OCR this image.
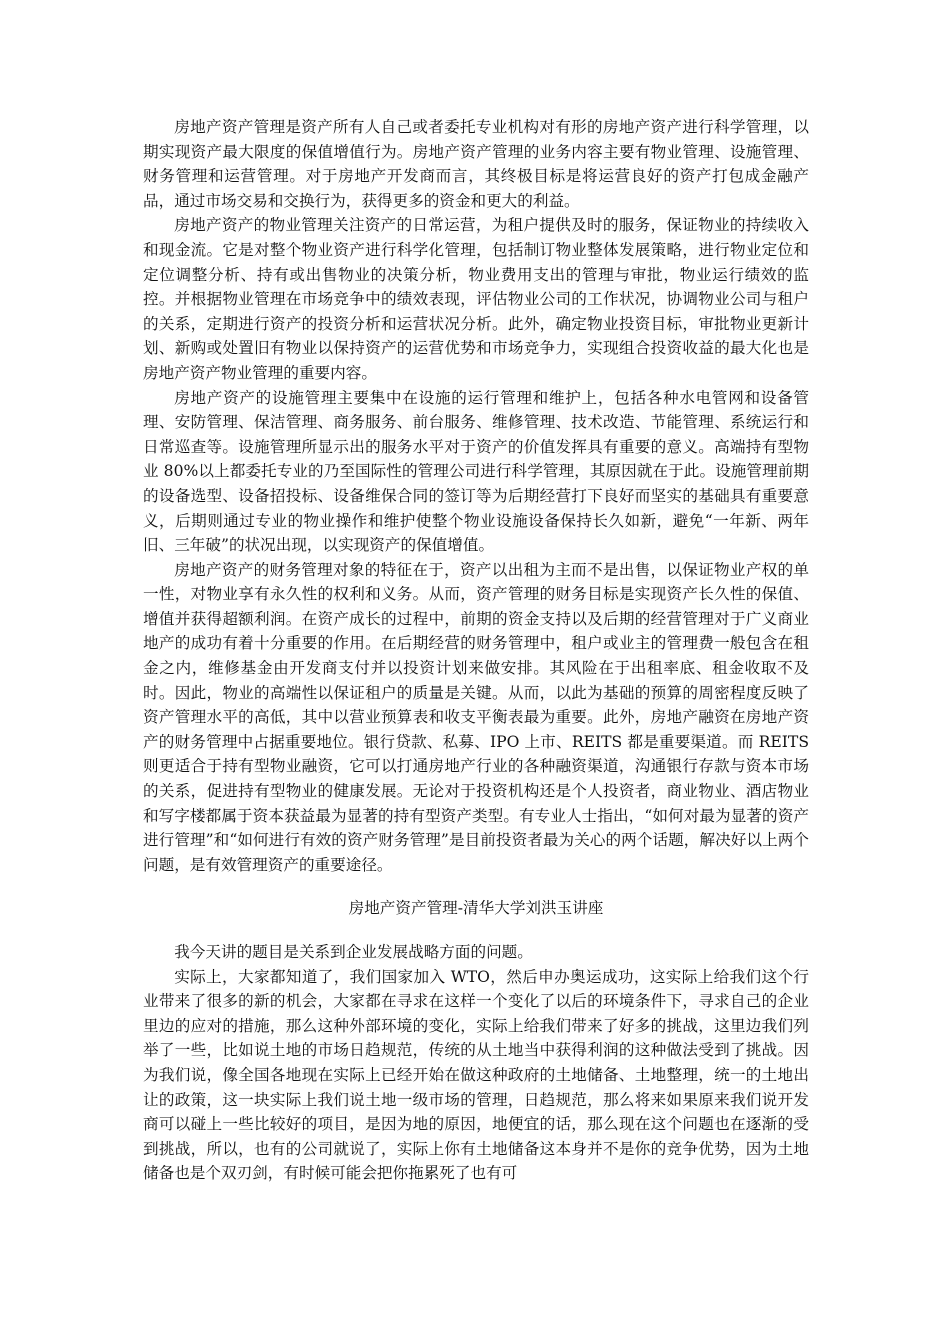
房地产资产管理是资产所有人自己或者委托专业机构对有形的房地产资产进行科学管理，以期实现资产最大限度的保值增值行为。房地产资产管理的业务内容主要有物业管理、设施管理、财务管理和运营管理。对于房地产开发商而言，其终极目标是将运营良好的资产打包成金融产品，通过市场交易和交换行为，获得更多的资金和更大的利益。

房地产资产的物业管理关注资产的日常运营，为租户提供及时的服务，保证物业的持续收入和现金流。它是对整个物业资产进行科学化管理，包括制订物业整体发展策略，进行物业定位和定位调整分析、持有或出售物业的决策分析，物业费用支出的管理与审批，物业运行绩效的监控。并根据物业管理在市场竞争中的绩效表现，评估物业公司的工作状况，协调物业公司与租户的关系，定期进行资产的投资分析和运营状况分析。此外，确定物业投资目标，审批物业更新计划、新购或处置旧有物业以保持资产的运营优势和市场竞争力，实现组合投资收益的最大化也是房地产资产物业管理的重要内容。

房地产资产的设施管理主要集中在设施的运行管理和维护上，包括各种水电管网和设备管理、安防管理、保洁管理、商务服务、前台服务、维修管理、技术改造、节能管理、系统运行和日常巡查等。设施管理所显示出的服务水平对于资产的价值发挥具有重要的意义。高端持有型物业 80%以上都委托专业的乃至国际性的管理公司进行科学管理，其原因就在于此。设施管理前期的设备选型、设备招投标、设备维保合同的签订等为后期经营打下良好而坚实的基础具有重要意义，后期则通过专业的物业操作和维护使整个物业设施设备保持长久如新，避免“一年新、两年旧、三年破”的状况出现，以实现资产的保值增值。

房地产资产的财务管理对象的特征在于，资产以出租为主而不是出售，以保证物业产权的单一性，对物业享有永久性的权利和义务。从而，资产管理的财务目标是实现资产长久性的保值、增值并获得超额利润。在资产成长的过程中，前期的资金支持以及后期的经营管理对于广义商业地产的成功有着十分重要的作用。在后期经营的财务管理中，租户或业主的管理费一般包含在租金之内，维修基金由开发商支付并以投资计划来做安排。其风险在于出租率底、租金收取不及时。因此，物业的高端性以保证租户的质量是关键。从而，以此为基础的预算的周密程度反映了资产管理水平的高低，其中以营业预算表和收支平衡表最为重要。此外，房地产融资在房地产资产的财务管理中占据重要地位。银行贷款、私募、IPO 上市、REITS 都是重要渠道。而 REITS 则更适合于持有型物业融资，它可以打通房地产行业的各种融资渠道，沟通银行存款与资本市场的关系，促进持有型物业的健康发展。无论对于投资机构还是个人投资者，商业物业、酒店物业和写字楼都属于资本获益最为显著的持有型资产类型。有专业人士指出，“如何对最为显著的资产进行管理”和“如何进行有效的资产财务管理”是目前投资者最为关心的两个话题，解决好以上两个问题，是有效管理资产的重要途径。

房地产资产管理-清华大学刘洪玉讲座

我今天讲的题目是关系到企业发展战略方面的问题。

实际上，大家都知道了，我们国家加入 WTO，然后申办奥运成功，这实际上给我们这个行业带来了很多的新的机会，大家都在寻求在这样一个变化了以后的环境条件下，寻求自己的企业里边的应对的措施，那么这种外部环境的变化，实际上给我们带来了好多的挑战，这里边我们列举了一些，比如说土地的市场日趋规范，传统的从土地当中获得利润的这种做法受到了挑战。因为我们说，像全国各地现在实际上已经开始在做这种政府的土地储备、土地整理，统一的土地出让的政策，这一块实际上我们说土地一级市场的管理，日趋规范，那么将来如果原来我们说开发商可以碰上一些比较好的项目，是因为地的原因，地便宜的话，那么现在这个问题也在逐渐的受到挑战，所以，也有的公司就说了，实际上你有土地储备这本身并不是你的竞争优势，因为土地储备也是个双刃剑，有时候可能会把你拖累死了也有可
